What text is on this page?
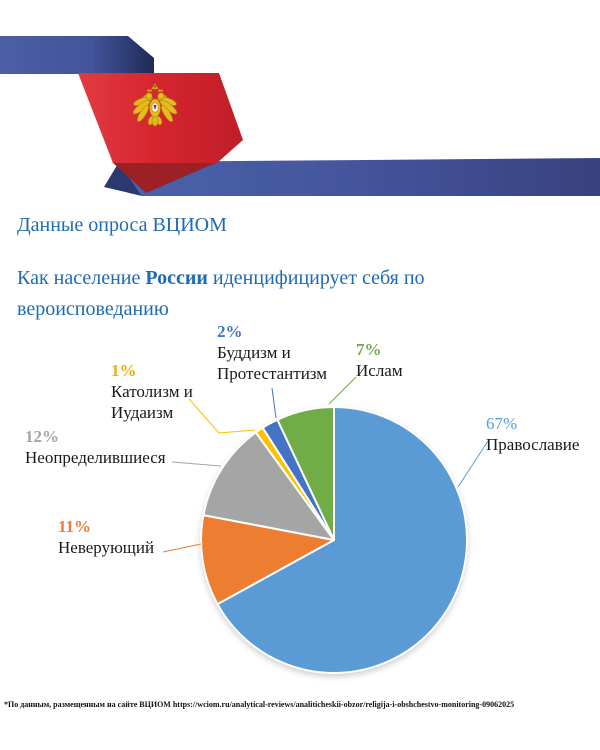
Данные опроса ВЦИОМ
Как население России иденцифицирует себя по
вероисповеданию
67%
Православие
11%
Неверующий
12%
Неопределившиеся
1%
Католизм и
Иудаизм
2%
Буддизм и
Протестантизм
7%
Ислам
*По данным, размещенным на сайте ВЦИОМ https://wciom.ru/analytical-reviews/analiticheskii-obzor/religija-i-obshchestvo-monitoring-09062025
